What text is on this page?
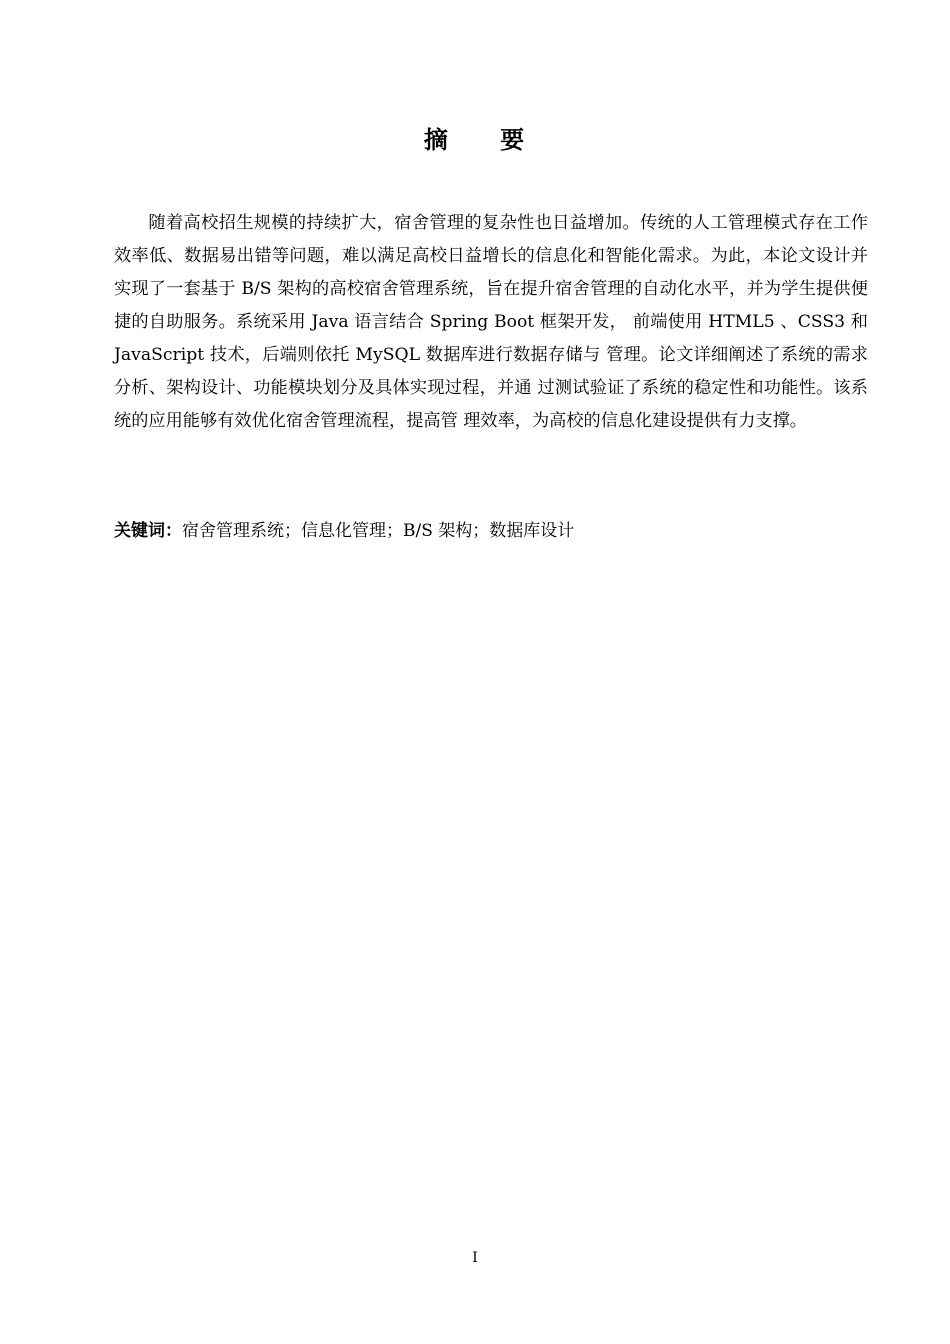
摘 要

随着高校招生规模的持续扩大，宿舍管理的复杂性也日益增加。传统的人工管理模式存在工作效率低、数据易出错等问题，难以满足高校日益增长的信息化和智能化需求。为此，本论文设计并实现了一套基于 B/S 架构的高校宿舍管理系统，旨在提升宿舍管理的自动化水平，并为学生提供便捷的自助服务。系统采用 Java 语言结合 Spring Boot 框架开发， 前端使用 HTML5 、CSS3 和 JavaScript 技术，后端则依托 MySQL 数据库进行数据存储与 管理。论文详细阐述了系统的需求分析、架构设计、功能模块划分及具体实现过程，并通 过测试验证了系统的稳定性和功能性。该系统的应用能够有效优化宿舍管理流程，提高管 理效率，为高校的信息化建设提供有力支撑。

关键词：宿舍管理系统；信息化管理；B/S 架构；数据库设计
I
